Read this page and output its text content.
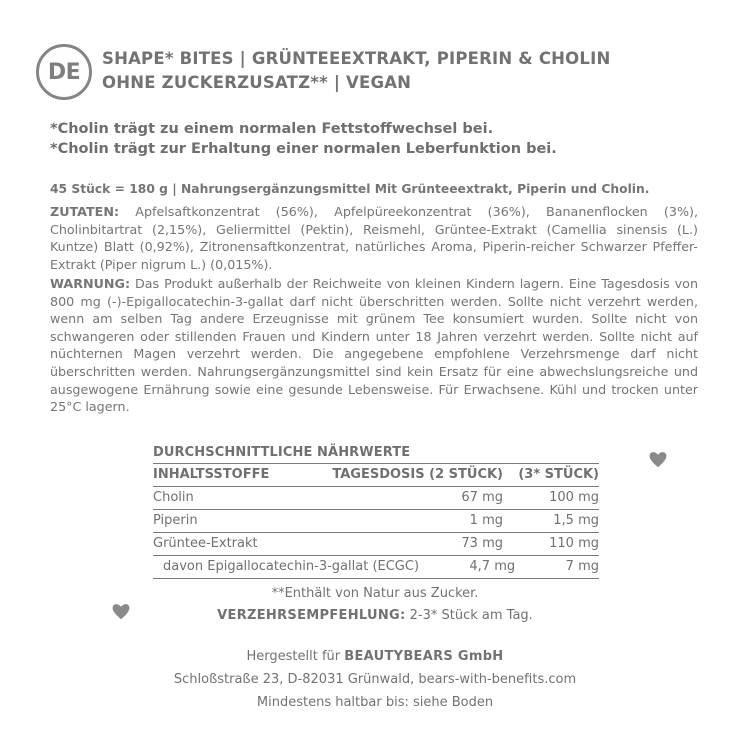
DE
SHAPE* BITES | GRÜNTEEEXTRAKT, PIPERIN & CHOLIN
OHNE ZUCKERZUSATZ** | VEGAN
*Cholin trägt zu einem normalen Fettstoffwechsel bei.
*Cholin trägt zur Erhaltung einer normalen Leberfunktion bei.
45 Stück = 180 g | Nahrungsergänzungsmittel Mit Grünteeextrakt, Piperin und Cholin.
ZUTATEN: Apfelsaftkonzentrat (56%), Apfelpüreekonzentrat (36%), Bananenflocken (3%), Cholinbitartrat (2,15%), Geliermittel (Pektin), Reismehl, Grüntee-Extrakt (Camellia sinensis (L.) Kuntze) Blatt (0,92%), Zitronensaftkonzentrat, natürliches Aroma, Piperin-reicher Schwarzer Pfeffer-Extrakt (Piper nigrum L.) (0,015%).
WARNUNG: Das Produkt außerhalb der Reichweite von kleinen Kindern lagern. Eine Tagesdosis von 800 mg (-)-Epigallocatechin-3-gallat darf nicht überschritten werden. Sollte nicht verzehrt werden, wenn am selben Tag andere Erzeugnisse mit grünem Tee konsumiert wurden. Sollte nicht von schwangeren oder stillenden Frauen und Kindern unter 18 Jahren verzehrt werden. Sollte nicht auf nüchternen Magen verzehrt werden. Die angegebene empfohlene Verzehrsmenge darf nicht überschritten werden. Nahrungsergänzungsmittel sind kein Ersatz für eine abwechslungsreiche und ausgewogene Ernährung sowie eine gesunde Lebensweise. Für Erwachsene. Kühl und trocken unter 25°C lagern.
DURCHSCHNITTLICHE NÄHRWERTE
INHALTSSTOFFE	TAGESDOSIS (2 STÜCK)	(3* STÜCK)
Cholin	67 mg	100 mg
Piperin	1 mg	1,5 mg
Grüntee-Extrakt	73 mg	110 mg
davon Epigallocatechin-3-gallat (ECGC)	4,7 mg	7 mg
**Enthält von Natur aus Zucker.
VERZEHRSEMPFEHLUNG: 2-3* Stück am Tag.
Hergestellt für BEAUTYBEARS GmbH
Schloßstraße 23, D-82031 Grünwald, bears-with-benefits.com
Mindestens haltbar bis: siehe Boden
